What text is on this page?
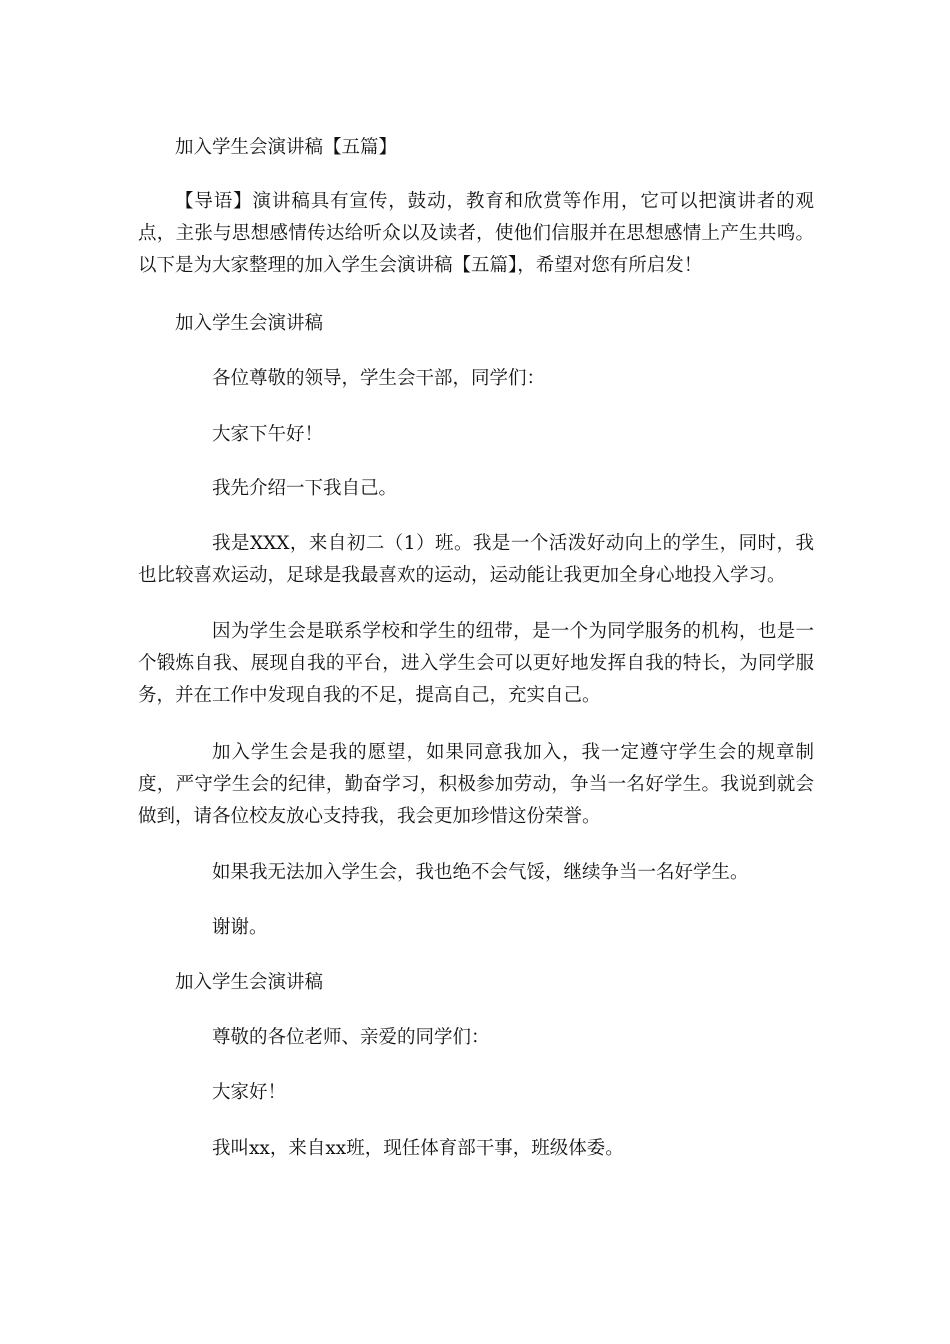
加入学生会演讲稿【五篇】

【导语】演讲稿具有宣传，鼓动，教育和欣赏等作用，它可以把演讲者的观点，主张与思想感情传达给听众以及读者，使他们信服并在思想感情上产生共鸣。以下是为大家整理的加入学生会演讲稿【五篇】，希望对您有所启发！

加入学生会演讲稿

各位尊敬的领导，学生会干部，同学们：

大家下午好！

我先介绍一下我自己。

我是XXX，来自初二（1）班。我是一个活泼好动向上的学生，同时，我也比较喜欢运动，足球是我最喜欢的运动，运动能让我更加全身心地投入学习。

因为学生会是联系学校和学生的纽带，是一个为同学服务的机构，也是一个锻炼自我、展现自我的平台，进入学生会可以更好地发挥自我的特长，为同学服务，并在工作中发现自我的不足，提高自己，充实自己。

加入学生会是我的愿望，如果同意我加入，我一定遵守学生会的规章制度，严守学生会的纪律，勤奋学习，积极参加劳动，争当一名好学生。我说到就会做到，请各位校友放心支持我，我会更加珍惜这份荣誉。

如果我无法加入学生会，我也绝不会气馁，继续争当一名好学生。

谢谢。

加入学生会演讲稿

尊敬的各位老师、亲爱的同学们：

大家好！

我叫xx，来自xx班，现任体育部干事，班级体委。
